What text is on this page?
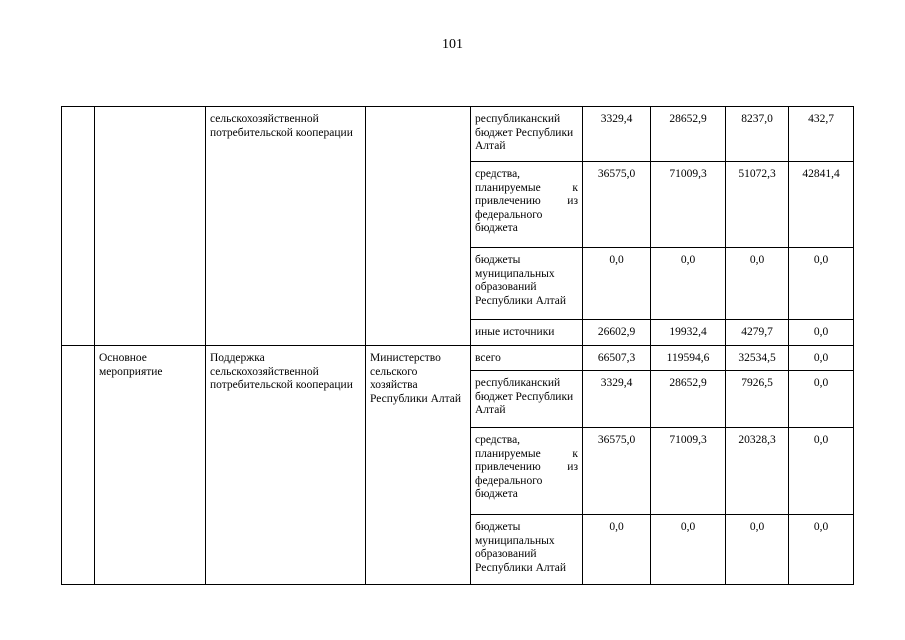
101
		сельскохозяйственной потребительской кооперации		республиканский бюджет Республики Алтай	3329,4	28652,9	8237,0	432,7
				средства, планируемые к привлечению из федерального бюджета	36575,0	71009,3	51072,3	42841,4
				бюджеты муниципальных образований Республики Алтай	0,0	0,0	0,0	0,0
				иные источники	26602,9	19932,4	4279,7	0,0
	Основное мероприятие	Поддержка сельскохозяйственной потребительской кооперации	Министерство сельского хозяйства Республики Алтай	всего	66507,3	119594,6	32534,5	0,0
				республиканский бюджет Республики Алтай	3329,4	28652,9	7926,5	0,0
				средства, планируемые к привлечению из федерального бюджета	36575,0	71009,3	20328,3	0,0
				бюджеты муниципальных образований Республики Алтай	0,0	0,0	0,0	0,0
